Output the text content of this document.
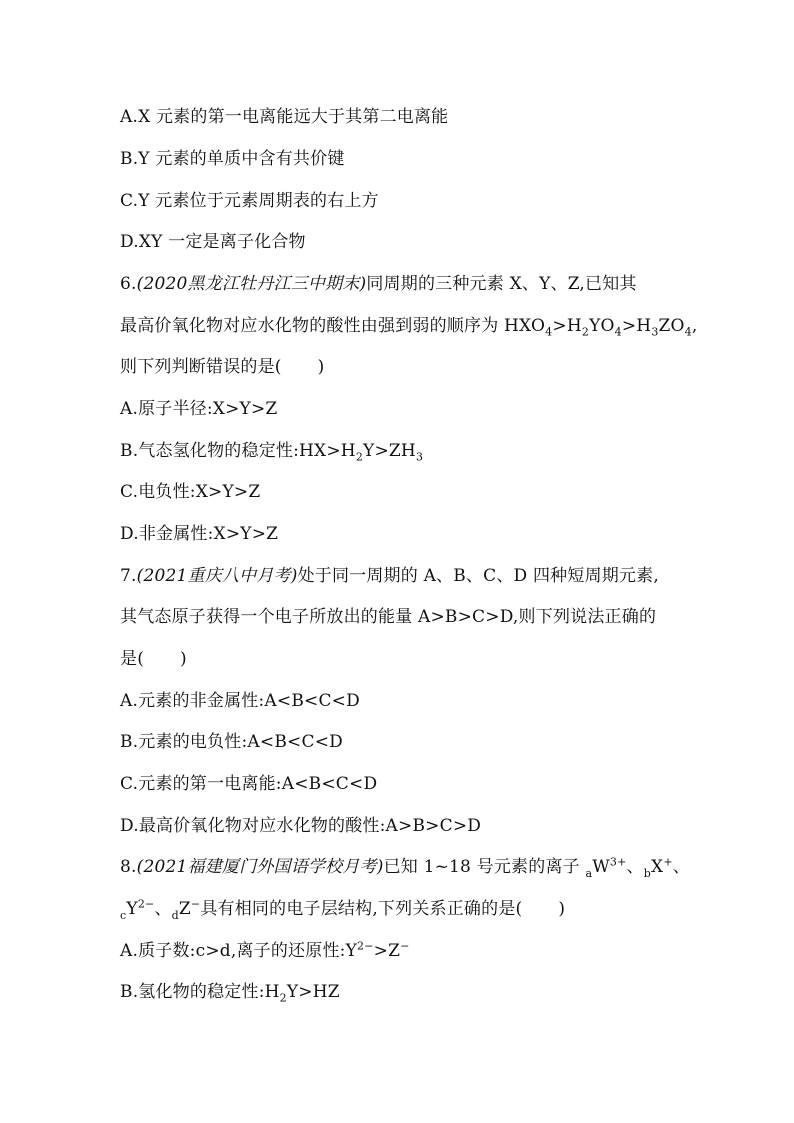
A.X 元素的第一电离能远大于其第二电离能
B.Y 元素的单质中含有共价键
C.Y 元素位于元素周期表的右上方
D.XY 一定是离子化合物
6.(2020黑龙江牡丹江三中期末)同周期的三种元素 X、Y、Z,已知其
最高价氧化物对应水化物的酸性由强到弱的顺序为 $HXO_4>H_2YO_4>H_3ZO_4$,
则下列判断错误的是( )
A.原子半径:X>Y>Z
B.气态氢化物的稳定性$:HX>H_2Y>ZH_3$
C.电负性:X>Y>Z
D.非金属性:X>Y>Z
7.(2021重庆八中月考)处于同一周期的 A、B、C、D 四种短周期元素,
其气态原子获得一个电子所放出的能量 A>B>C>D,则下列说法正确的
是( )
A.元素的非金属性:A<B<C<D
B.元素的电负性:A<B<C<D
C.元素的第一电离能:A<B<C<D
D.最高价氧化物对应水化物的酸性:A>B>C>D
8.(2021福建厦门外国语学校月考)已知 1~18 号元素的离子 $_aW^{3+}$、$_b$X+、
$_cY^{2-}$、$_d$Z−具有相同的电子层结构,下列关系正确的是( )
A.质子数:c>d,离子的还原性$:Y^{2-}>Z^-$
B.氢化物的稳定性$:H_2Y>HZ$
